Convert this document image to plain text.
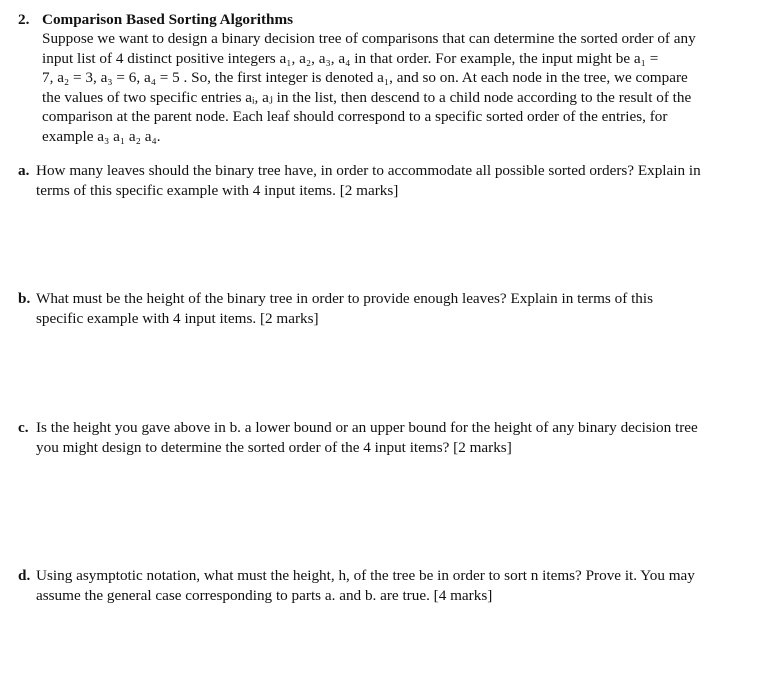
2. Comparison Based Sorting Algorithms
Suppose we want to design a binary decision tree of comparisons that can determine the sorted order of any
input list of 4 distinct positive integers a₁, a₂, a₃, a₄ in that order. For example, the input might be a₁ =
7, a₂ = 3, a₃ = 6, a₄ = 5 . So, the first integer is denoted a₁, and so on. At each node in the tree, we compare
the values of two specific entries aᵢ, aⱼ in the list, then descend to a child node according to the result of the
comparison at the parent node. Each leaf should correspond to a specific sorted order of the entries, for
example a₃ a₁ a₂ a₄.
a. How many leaves should the binary tree have, in order to accommodate all possible sorted orders? Explain in
terms of this specific example with 4 input items. [2 marks]
b. What must be the height of the binary tree in order to provide enough leaves? Explain in terms of this
specific example with 4 input items. [2 marks]
c. Is the height you gave above in b. a lower bound or an upper bound for the height of any binary decision tree
you might design to determine the sorted order of the 4 input items? [2 marks]
d. Using asymptotic notation, what must the height, h, of the tree be in order to sort n items? Prove it. You may
assume the general case corresponding to parts a. and b. are true. [4 marks]
